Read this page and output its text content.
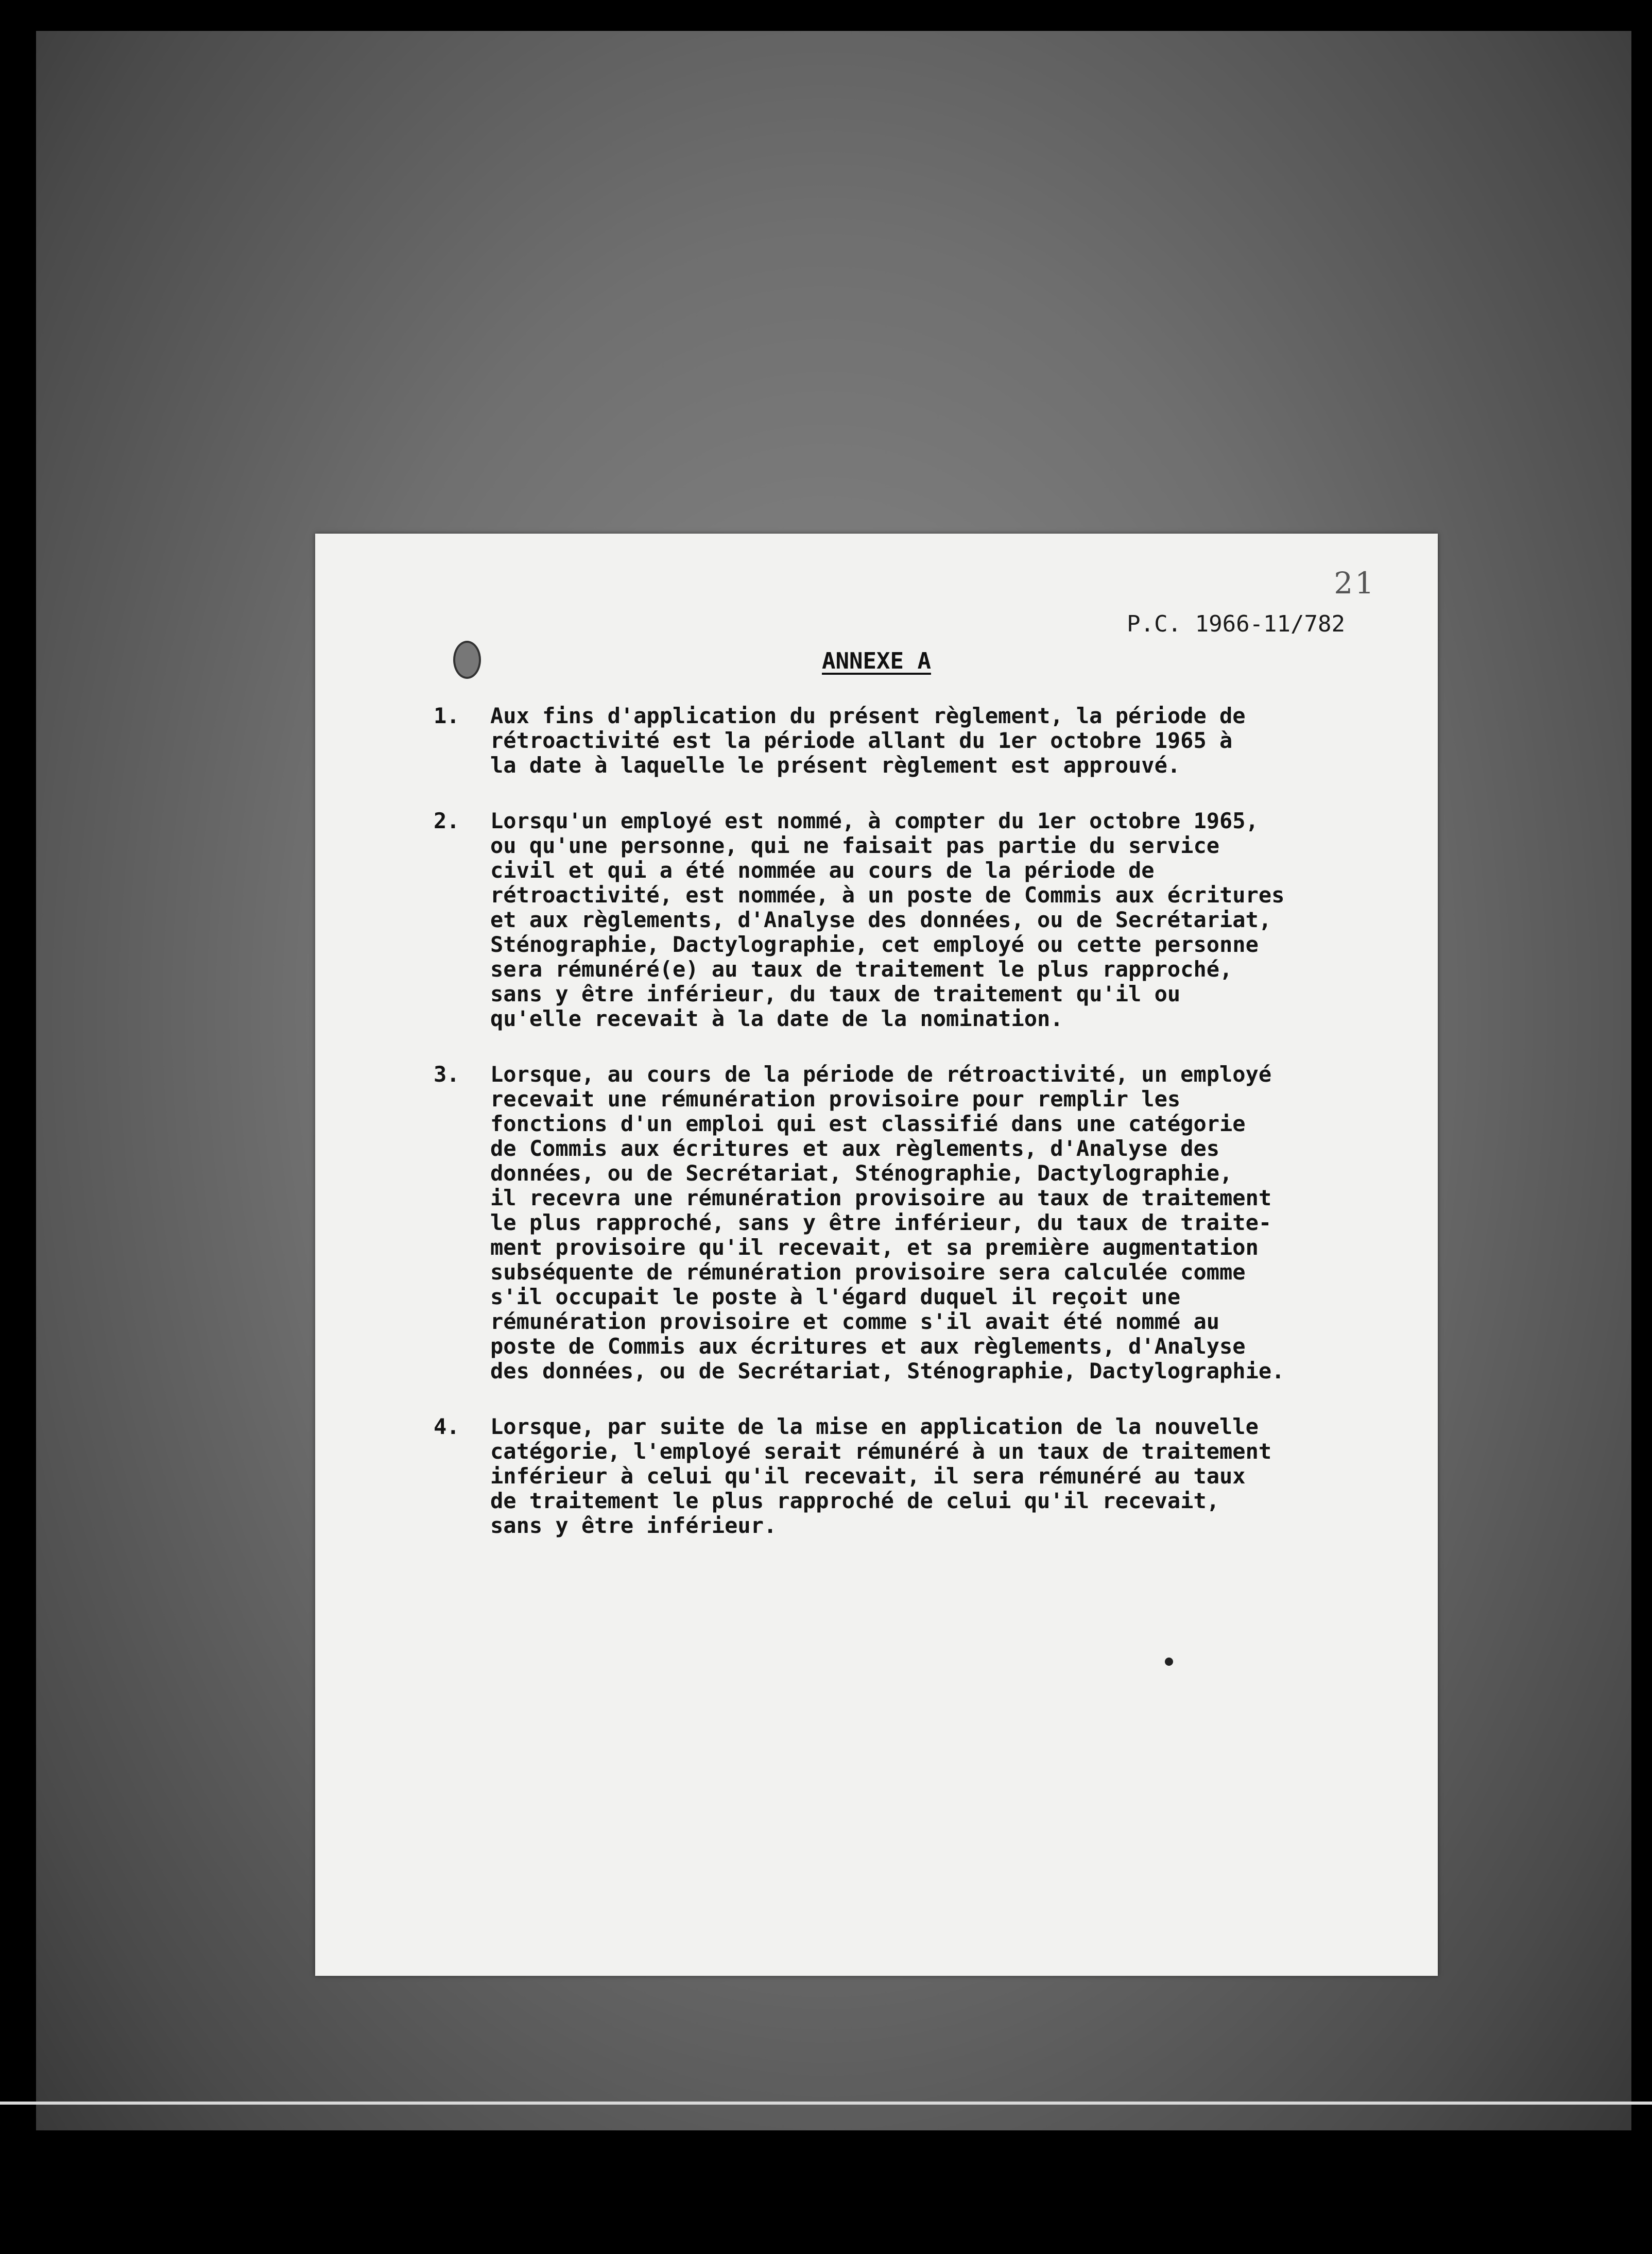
21
P.C. 1966-11/782
ANNEXE A
1.	Aux fins d'application du présent règlement, la période de
rétroactivité est la période allant du 1er octobre 1965 à
la date à laquelle le présent règlement est approuvé.
2.	Lorsqu'un employé est nommé, à compter du 1er octobre 1965,
ou qu'une personne, qui ne faisait pas partie du service
civil et qui a été nommée au cours de la période de
rétroactivité, est nommée, à un poste de Commis aux écritures
et aux règlements, d'Analyse des données, ou de Secrétariat,
Sténographie, Dactylographie, cet employé ou cette personne
sera rémunéré(e) au taux de traitement le plus rapproché,
sans y être inférieur, du taux de traitement qu'il ou
qu'elle recevait à la date de la nomination.
3.	Lorsque, au cours de la période de rétroactivité, un employé
recevait une rémunération provisoire pour remplir les
fonctions d'un emploi qui est classifié dans une catégorie
de Commis aux écritures et aux règlements, d'Analyse des
données, ou de Secrétariat, Sténographie, Dactylographie,
il recevra une rémunération provisoire au taux de traitement
le plus rapproché, sans y être inférieur, du taux de traite-
ment provisoire qu'il recevait, et sa première augmentation
subséquente de rémunération provisoire sera calculée comme
s'il occupait le poste à l'égard duquel il reçoit une
rémunération provisoire et comme s'il avait été nommé au
poste de Commis aux écritures et aux règlements, d'Analyse
des données, ou de Secrétariat, Sténographie, Dactylographie.
4.	Lorsque, par suite de la mise en application de la nouvelle
catégorie, l'employé serait rémunéré à un taux de traitement
inférieur à celui qu'il recevait, il sera rémunéré au taux
de traitement le plus rapproché de celui qu'il recevait,
sans y être inférieur.
